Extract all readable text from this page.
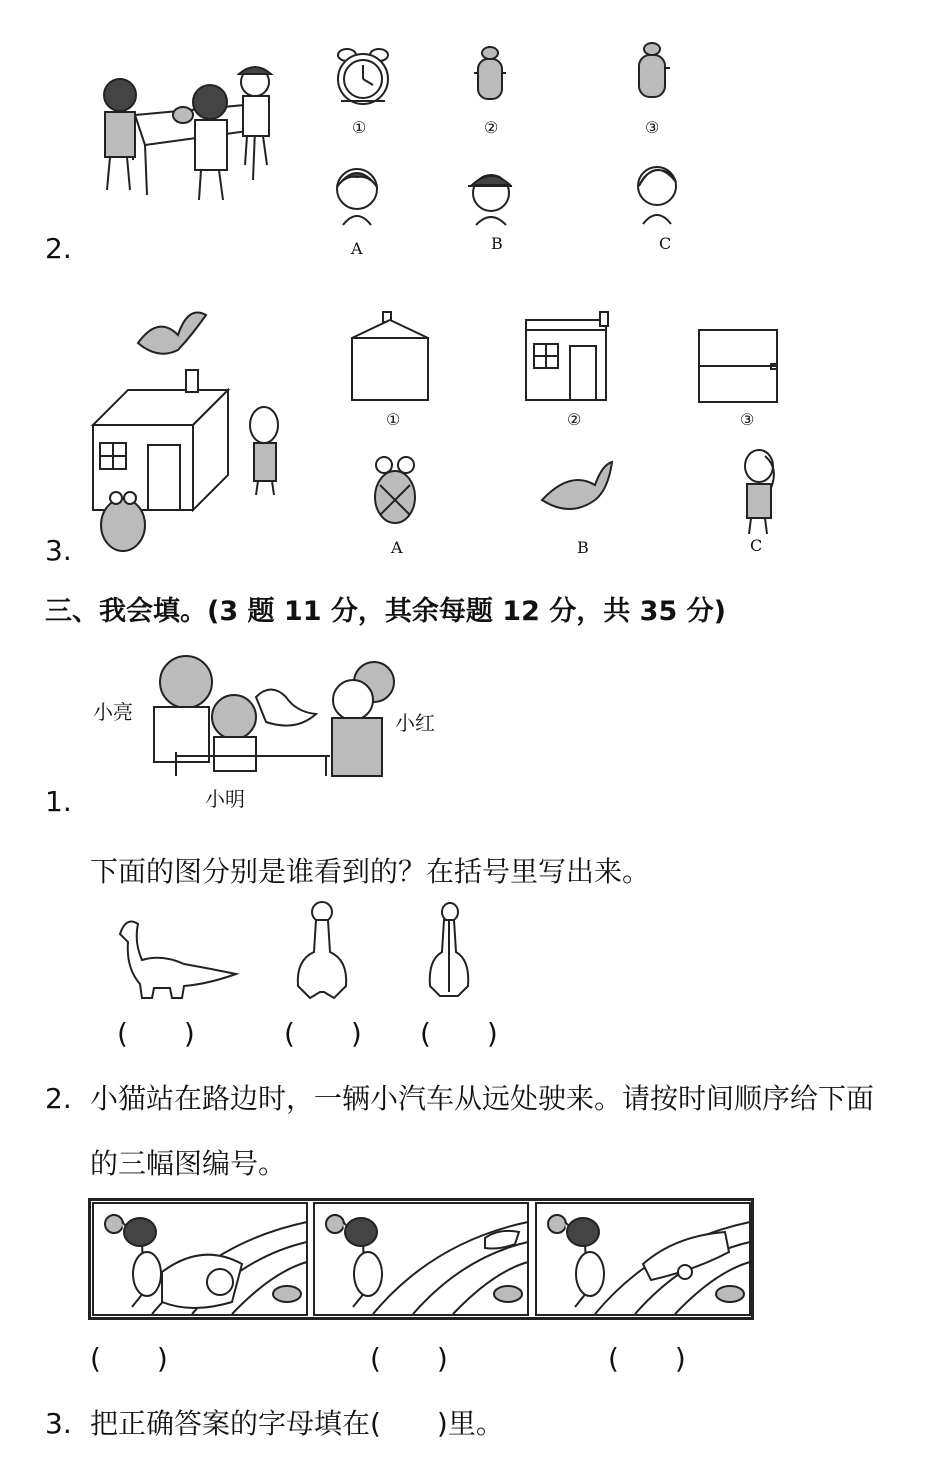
2.
①	②	③
A	B	C
3.
①	②	③
A	B	C
三、我会填。(3 题 11 分，其余每题 12 分，共 35 分)
1.
小亮	小红
小明
下面的图分别是谁看到的？在括号里写出来。
(　　)	(　　) (　　)
2. 小猫站在路边时，一辆小汽车从远处驶来。请按时间顺序给下面
的三幅图编号。
(　　)	(　　)	(　　)
3. 把正确答案的字母填在(　　)里。
